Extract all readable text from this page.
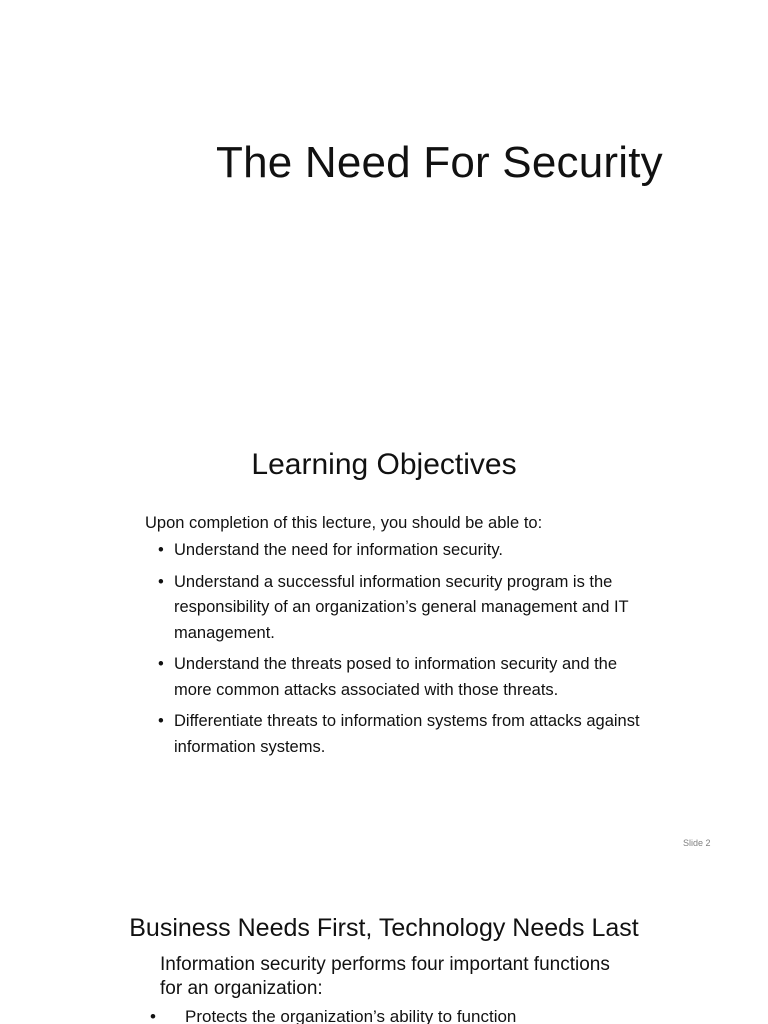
The Need For Security
Learning Objectives

Upon completion of this lecture, you should be able to:

• Understand the need for information security.
• Understand a successful information security program is the responsibility of an organization’s general management and IT management.
• Understand the threats posed to information security and the more common attacks associated with those threats.
• Differentiate threats to information systems from attacks against information systems.
Slide 2
Business Needs First, Technology Needs Last

Information security performs four important functions for an organization:

• Protects the organization’s ability to function
